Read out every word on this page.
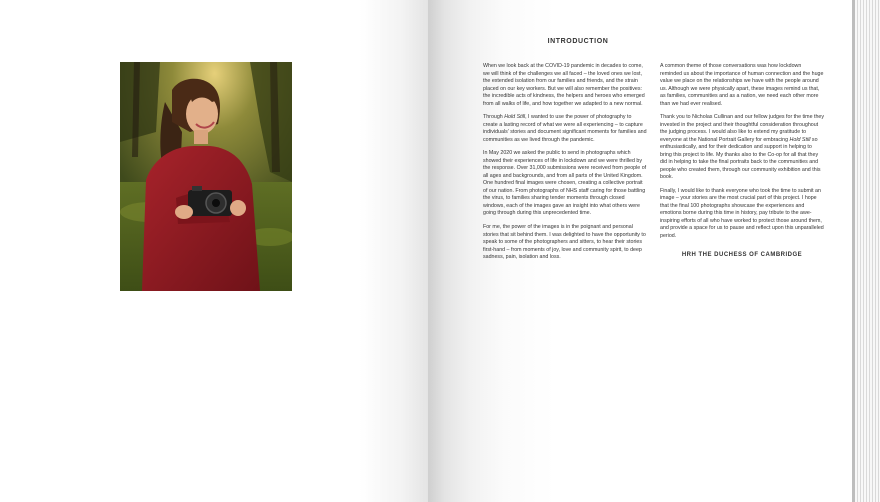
INTRODUCTION

When we look back at the COVID-19 pandemic in decades to come, we will think of the challenges we all faced – the loved ones we lost, the extended isolation from our families and friends, and the strain placed on our key workers. But we will also remember the positives: the incredible acts of kindness, the helpers and heroes who emerged from all walks of life, and how together we adapted to a new normal.

Through Hold Still, I wanted to use the power of photography to create a lasting record of what we were all experiencing – to capture individuals' stories and document significant moments for families and communities as we lived through the pandemic.

In May 2020 we asked the public to send in photographs which showed their experiences of life in lockdown and we were thrilled by the response. Over 31,000 submissions were received from people of all ages and backgrounds, and from all parts of the United Kingdom. One hundred final images were chosen, creating a collective portrait of our nation. From photographs of NHS staff caring for those battling the virus, to families sharing tender moments through closed windows, each of the images gave an insight into what others were going through during this unprecedented time.

For me, the power of the images is in the poignant and personal stories that sit behind them. I was delighted to have the opportunity to speak to some of the photographers and sitters, to hear their stories first-hand – from moments of joy, love and community spirit, to deep sadness, pain, isolation and loss.

A common theme of those conversations was how lockdown reminded us about the importance of human connection and the huge value we place on the relationships we have with the people around us. Although we were physically apart, these images remind us that, as families, communities and as a nation, we need each other more than we had ever realised.

Thank you to Nicholas Cullinan and our fellow judges for the time they invested in the project and their thoughtful consideration throughout the judging process. I would also like to extend my gratitude to everyone at the National Portrait Gallery for embracing Hold Still so enthusiastically, and for their dedication and support in helping to bring this project to life. My thanks also to the Co-op for all that they did in helping to take the final portraits back to the communities and people who created them, through our community exhibition and this book.

Finally, I would like to thank everyone who took the time to submit an image – your stories are the most crucial part of this project. I hope that the final 100 photographs showcase the experiences and emotions borne during this time in history, pay tribute to the awe-inspiring efforts of all who have worked to protect those around them, and provide a space for us to pause and reflect upon this unparalleled period.

HRH THE DUCHESS OF CAMBRIDGE
